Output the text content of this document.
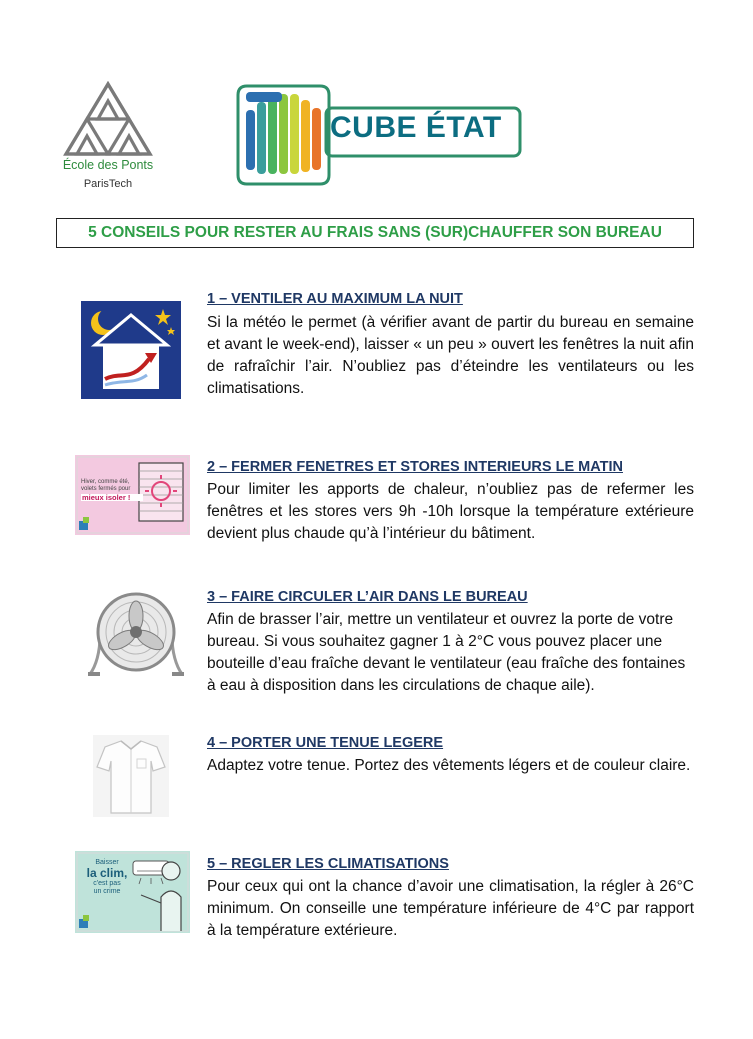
École des Ponts
ParisTech
CUBE ÉTAT
5 CONSEILS POUR RESTER AU FRAIS SANS (SUR)CHAUFFER SON BUREAU
1 – VENTILER AU MAXIMUM LA NUIT
Si la météo le permet (à vérifier avant de partir du bureau en semaine et avant le week-end), laisser « un peu » ouvert les fenêtres la nuit afin de rafraîchir l’air. N’oubliez pas d’éteindre les ventilateurs ou les climatisations.
Hiver, comme été,
volets fermés pour
mieux isoler !
2 – FERMER FENETRES ET STORES INTERIEURS LE MATIN
Pour limiter les apports de chaleur, n’oubliez pas de refermer les fenêtres et les stores vers 9h -10h lorsque la température extérieure devient plus chaude qu’à l’intérieur du bâtiment.
3 – FAIRE CIRCULER L’AIR DANS LE BUREAU
Afin de brasser l’air, mettre un ventilateur et ouvrez la porte de votre bureau. Si vous souhaitez gagner 1 à 2°C vous pouvez placer une bouteille d’eau fraîche devant le ventilateur (eau fraîche des fontaines à eau à disposition dans les circulations de chaque aile).
4 – PORTER UNE TENUE LEGERE
Adaptez votre tenue. Portez des vêtements légers et de couleur claire.
Baisser
la clim,
c'est pas
un crime
5 – REGLER LES CLIMATISATIONS
Pour ceux qui ont la chance d’avoir une climatisation, la régler à 26°C minimum. On conseille une température inférieure de 4°C par rapport à la température extérieure.
